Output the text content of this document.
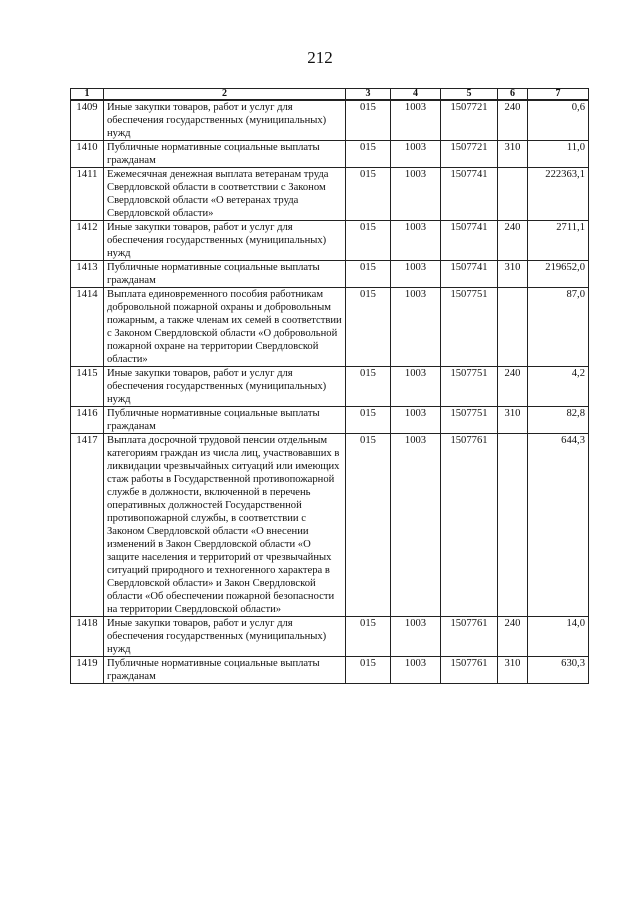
212
1	2	3	4	5	6	7
1409	Иные закупки товаров, работ и услуг для обеспечения государственных (муниципальных) нужд	015	1003	1507721	240	0,6
1410	Публичные нормативные социальные выплаты гражданам	015	1003	1507721	310	11,0
1411	Ежемесячная денежная выплата ветеранам труда Свердловской области в соответствии с Законом Свердловской области «О ветеранах труда Свердловской области»	015	1003	1507741		222363,1
1412	Иные закупки товаров, работ и услуг для обеспечения государственных (муниципальных) нужд	015	1003	1507741	240	2711,1
1413	Публичные нормативные социальные выплаты гражданам	015	1003	1507741	310	219652,0
1414	Выплата единовременного пособия работникам добровольной пожарной охраны и добровольным пожарным, а также членам их семей в соответствии с Законом Свердловской области «О добровольной пожарной охране на территории Свердловской области»	015	1003	1507751		87,0
1415	Иные закупки товаров, работ и услуг для обеспечения государственных (муниципальных) нужд	015	1003	1507751	240	4,2
1416	Публичные нормативные социальные выплаты гражданам	015	1003	1507751	310	82,8
1417	Выплата досрочной трудовой пенсии отдельным категориям граждан из числа лиц, участвовавших в ликвидации чрезвычайных ситуаций или имеющих стаж работы в Государственной противопожарной службе в должности, включенной в перечень оперативных должностей Государственной противопожарной службы, в соответствии с Законом Свердловской области «О внесении изменений в Закон Свердловской области «О защите населения и территорий от чрезвычайных ситуаций природного и техногенного характера в Свердловской области» и Закон Свердловской области «Об обеспечении пожарной безопасности на территории Свердловской области»	015	1003	1507761		644,3
1418	Иные закупки товаров, работ и услуг для обеспечения государственных (муниципальных) нужд	015	1003	1507761	240	14,0
1419	Публичные нормативные социальные выплаты гражданам	015	1003	1507761	310	630,3
